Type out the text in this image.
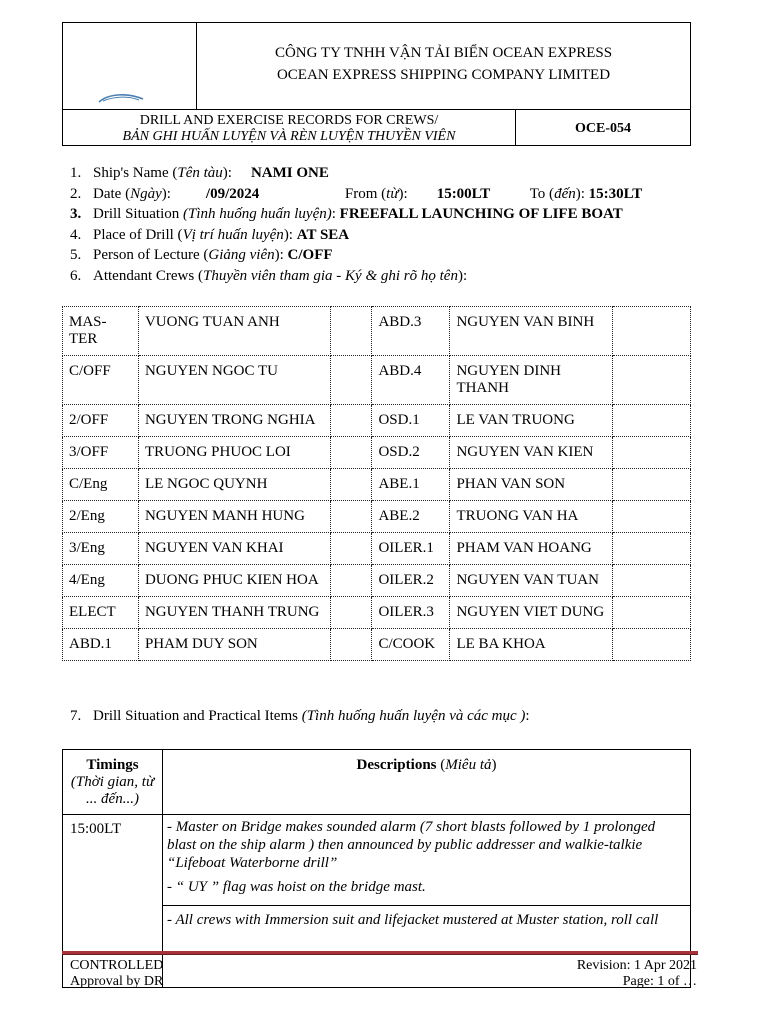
CÔNG TY TNHH VẬN TẢI BIỂN OCEAN EXPRESS
OCEAN EXPRESS SHIPPING COMPANY LIMITED
DRILL AND EXERCISE RECORDS FOR CREWS/
BẢN GHI HUẤN LUYỆN VÀ RÈN LUYỆN THUYỀN VIÊN
OCE-054
1. Ship's Name (Tên tàu): NAMI ONE
2. Date (Ngày): /09/2024	From (từ): 15:00LT	To (đến): 15:30LT
3. Drill Situation (Tình huống huấn luyện): FREEFALL LAUNCHING OF LIFE BOAT
4. Place of Drill (Vị trí huấn luyện): AT SEA
5. Person of Lecture (Giảng viên): C/OFF
6. Attendant Crews (Thuyền viên tham gia - Ký & ghi rõ họ tên):
MAS-TER	VUONG TUAN ANH		ABD.3	NGUYEN VAN BINH	
C/OFF	NGUYEN NGOC TU		ABD.4	NGUYEN DINH THANH	
2/OFF	NGUYEN TRONG NGHIA		OSD.1	LE VAN TRUONG	
3/OFF	TRUONG PHUOC LOI		OSD.2	NGUYEN VAN KIEN	
C/Eng	LE NGOC QUYNH		ABE.1	PHAN VAN SON	
2/Eng	NGUYEN MANH HUNG		ABE.2	TRUONG VAN HA	
3/Eng	NGUYEN VAN KHAI		OILER.1	PHAM VAN HOANG	
4/Eng	DUONG PHUC KIEN HOA		OILER.2	NGUYEN VAN TUAN	
ELECT	NGUYEN THANH TRUNG		OILER.3	NGUYEN VIET DUNG	
ABD.1	PHAM DUY SON		C/COOK	LE BA KHOA	
7. Drill Situation and Practical Items (Tình huống huấn luyện và các mục ):
Timings
(Thời gian, từ ... đến...)	Descriptions (Miêu tả)
15:00LT	- Master on Bridge makes sounded alarm (7 short blasts followed by 1 prolonged blast on the ship alarm ) then announced by public addresser and walkie-talkie “Lifeboat Waterborne drill”

- “ UY ” flag was hoist on the bridge mast.

- All crews with Immersion suit and lifejacket mustered at Muster station, roll call

CONTROLLED
Approval by DR
Revision: 1 Apr 2021
Page: 1 of …
